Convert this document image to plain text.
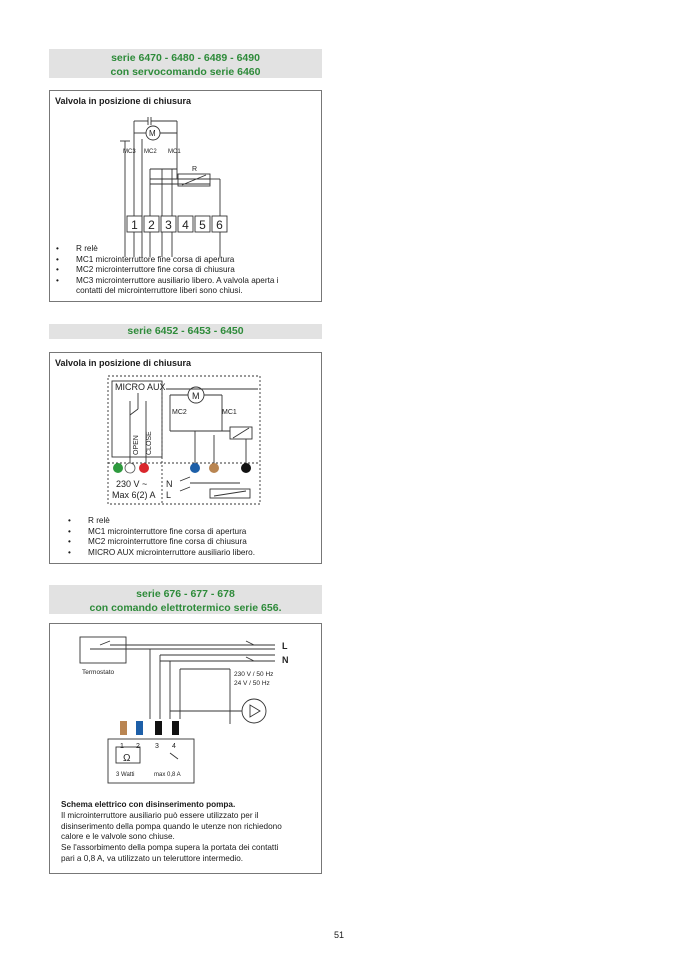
serie 6470 - 6480 - 6489 - 6490
con servocomando serie 6460
Valvola in posizione di chiusura
M
MC3 MC2 MC1
R
1 2 3 4 5 6
• R relè
• MC1 microinterruttore fine corsa di apertura
• MC2 microinterruttore fine corsa di chiusura
• MC3 microinterruttore ausiliario libero. A valvola aperta i contatti del microinterruttore liberi sono chiusi.
serie 6452 - 6453 - 6450
Valvola in posizione di chiusura
MICRO AUX
M
MC2	MC1
OPEN CLOSE
230 V ~
Max 6(2) A
N
L
• R relè
• MC1 microinterruttore fine corsa di apertura
• MC2 microinterruttore fine corsa di chiusura
• MICRO AUX microinterruttore ausiliario libero.
serie 676 - 677 - 678
con comando elettrotermico serie 656.
L
N
Termostato	230 V / 50 Hz
24 V / 50 Hz
1 2 3 4
Ω
3 Watti	max 0,8 A
Schema elettrico con disinserimento pompa.
Il microinterruttore ausiliario può essere utilizzato per il
disinserimento della pompa quando le utenze non richiedono
calore e le valvole sono chiuse.
Se l'assorbimento della pompa supera la portata dei contatti
pari a 0,8 A, va utilizzato un teleruttore intermedio.
51
